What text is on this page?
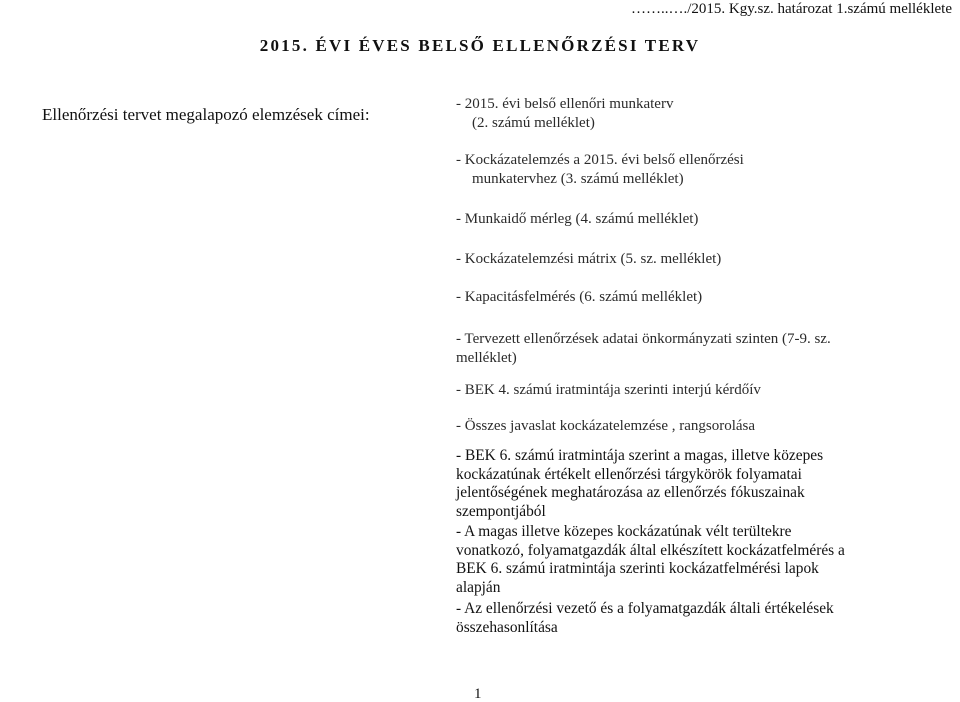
……..…./2015. Kgy.sz. határozat 1.számú melléklete
2015. ÉVI ÉVES BELSŐ ELLENŐRZÉSI TERV
Ellenőrzési tervet megalapozó elemzések címei:
- 2015. évi belső ellenőri munkaterv
(2. számú melléklet)
- Kockázatelemzés a 2015. évi belső ellenőrzési
munkatervhez (3. számú melléklet)
- Munkaidő mérleg (4. számú melléklet)
- Kockázatelemzési mátrix (5. sz. melléklet)
- Kapacitásfelmérés (6. számú melléklet)
- Tervezett ellenőrzések adatai önkormányzati szinten (7-9. sz.
melléklet)
- BEK 4. számú iratmintája szerinti interjú kérdőív
- Összes javaslat kockázatelemzése , rangsorolása
- BEK 6. számú iratmintája szerint a magas, illetve közepes
kockázatúnak értékelt ellenőrzési tárgykörök folyamatai
jelentőségének meghatározása az ellenőrzés fókuszainak
szempontjából
- A magas illetve közepes kockázatúnak vélt terültekre
vonatkozó, folyamatgazdák által elkészített kockázatfelmérés a
BEK 6. számú iratmintája szerinti kockázatfelmérési lapok
alapján
- Az ellenőrzési vezető és a folyamatgazdák általi értékelések
összehasonlítása
1
